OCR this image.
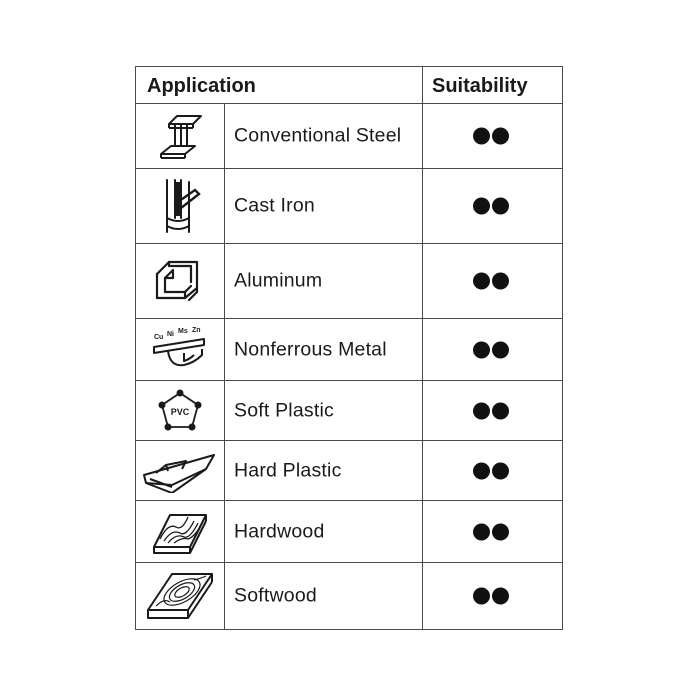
Application	Suitability
Conventional Steel
Cast Iron
Aluminum
Cu Ni Ms Zn
Nonferrous Metal
PVC Soft Plastic
Hard Plastic
Hardwood
Softwood
